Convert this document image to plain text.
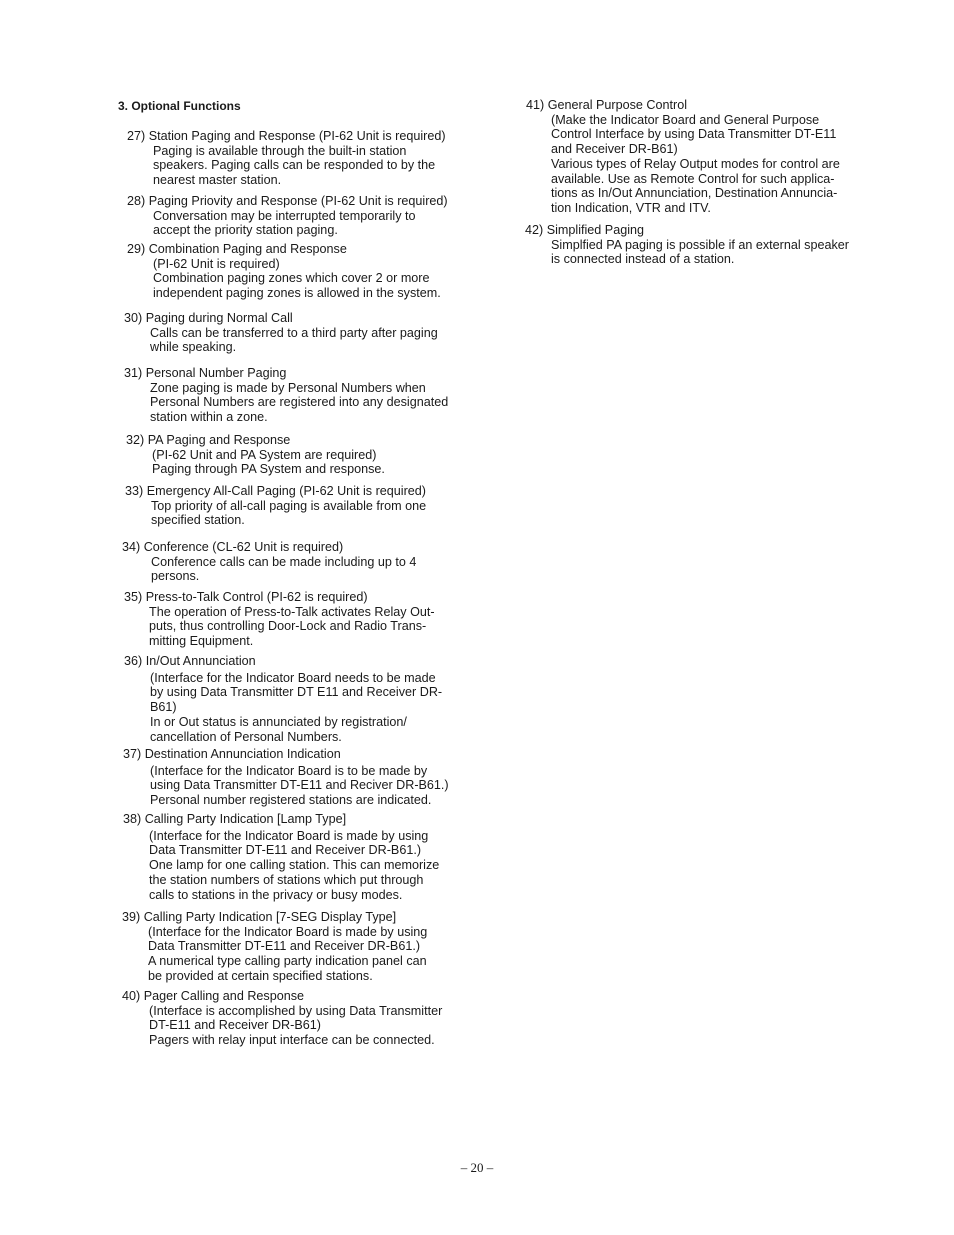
3. Optional Functions
27) Station Paging and Response (PI-62 Unit is required)
Paging is available through the built-in station
speakers. Paging calls can be responded to by the
nearest master station.
28) Paging Priovity and Response (PI-62 Unit is required)
Conversation may be interrupted temporarily to
accept the priority station paging.
29) Combination Paging and Response
(PI-62 Unit is required)
Combination paging zones which cover 2 or more
independent paging zones is allowed in the system.
30) Paging during Normal Call
Calls can be transferred to a third party after paging
while speaking.
31) Personal Number Paging
Zone paging is made by Personal Numbers when
Personal Numbers are registered into any designated
station within a zone.
32) PA Paging and Response
(PI-62 Unit and PA System are required)
Paging through PA System and response.
33) Emergency All-Call Paging (PI-62 Unit is required)
Top priority of all-call paging is available from one
specified station.
34) Conference (CL-62 Unit is required)
Conference calls can be made including up to 4
persons.
35) Press-to-Talk Control (PI-62 is required)
The operation of Press-to-Talk activates Relay Out-
puts, thus controlling Door-Lock and Radio Trans-
mitting Equipment.
36) In/Out Annunciation
(Interface for the Indicator Board needs to be made
by using Data Transmitter DT E11 and Receiver DR-
B61)
In or Out status is annunciated by registration/
cancellation of Personal Numbers.
37) Destination Annunciation Indication
(Interface for the Indicator Board is to be made by
using Data Transmitter DT-E11 and Reciver DR-B61.)
Personal number registered stations are indicated.
38) Calling Party Indication [Lamp Type]
(Interface for the Indicator Board is made by using
Data Transmitter DT-E11 and Receiver DR-B61.)
One lamp for one calling station. This can memorize
the station numbers of stations which put through
calls to stations in the privacy or busy modes.
39) Calling Party Indication [7-SEG Display Type]
(Interface for the Indicator Board is made by using
Data Transmitter DT-E11 and Receiver DR-B61.)
A numerical type calling party indication panel can
be provided at certain specified stations.
40) Pager Calling and Response
(Interface is accomplished by using Data Transmitter
DT-E11 and Receiver DR-B61)
Pagers with relay input interface can be connected.
41) General Purpose Control
(Make the Indicator Board and General Purpose
Control Interface by using Data Transmitter DT-E11
and Receiver DR-B61)
Various types of Relay Output modes for control are
available. Use as Remote Control for such applica-
tions as In/Out Annunciation, Destination Annuncia-
tion Indication, VTR and ITV.
42) Simplified Paging
Simplfied PA paging is possible if an external speaker
is connected instead of a station.
– 20 –
